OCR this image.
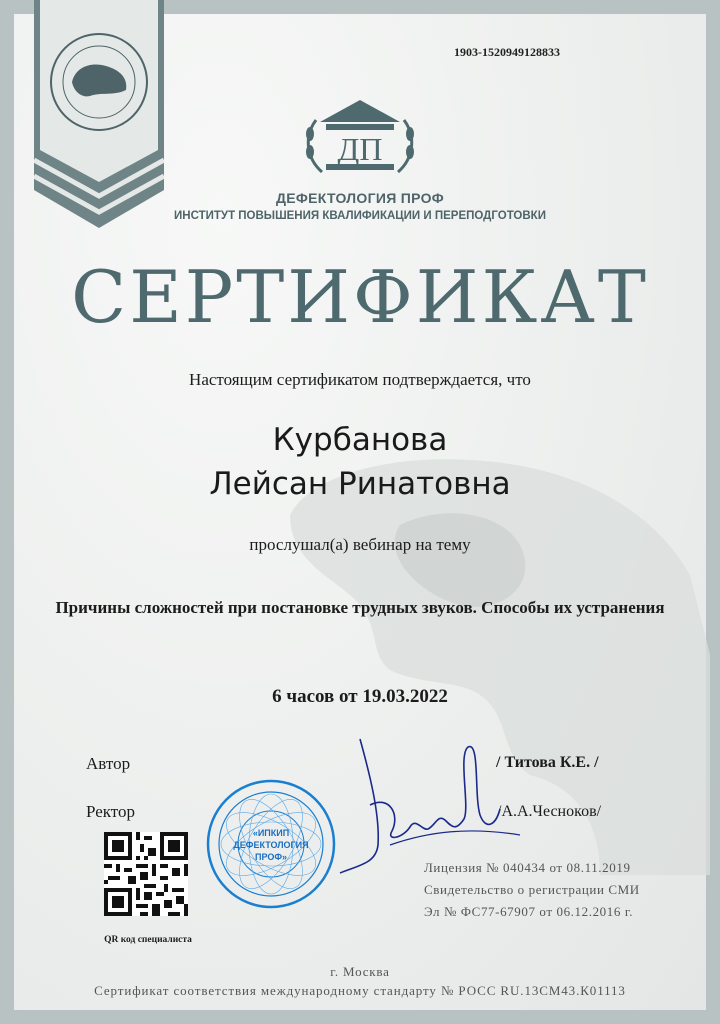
1903-1520949128833
ДП
ДЕФЕКТОЛОГИЯ ПРОФ
ИНСТИТУТ ПОВЫШЕНИЯ КВАЛИФИКАЦИИ И ПЕРЕПОДГОТОВКИ
СЕРТИФИКАТ
Настоящим сертификатом подтверждается, что
Курбанова
Лейсан Ринатовна
прослушал(а) вебинар на тему
Причины сложностей при постановке трудных звуков. Способы их устранения
6 часов от 19.03.2022
Автор	/ Титова К.Е. /
Ректор	/А.А.Чесноков/
QR код специалиста
«ИПКИП
ДЕФЕКТОЛОГИЯ
ПРОФ»
Лицензия № 040434 от 08.11.2019
Свидетельство о регистрации СМИ
Эл № ФС77-67907 от 06.12.2016 г.
г. Москва
Сертификат соответствия международному стандарту № РОСС RU.13СМ43.К01113
